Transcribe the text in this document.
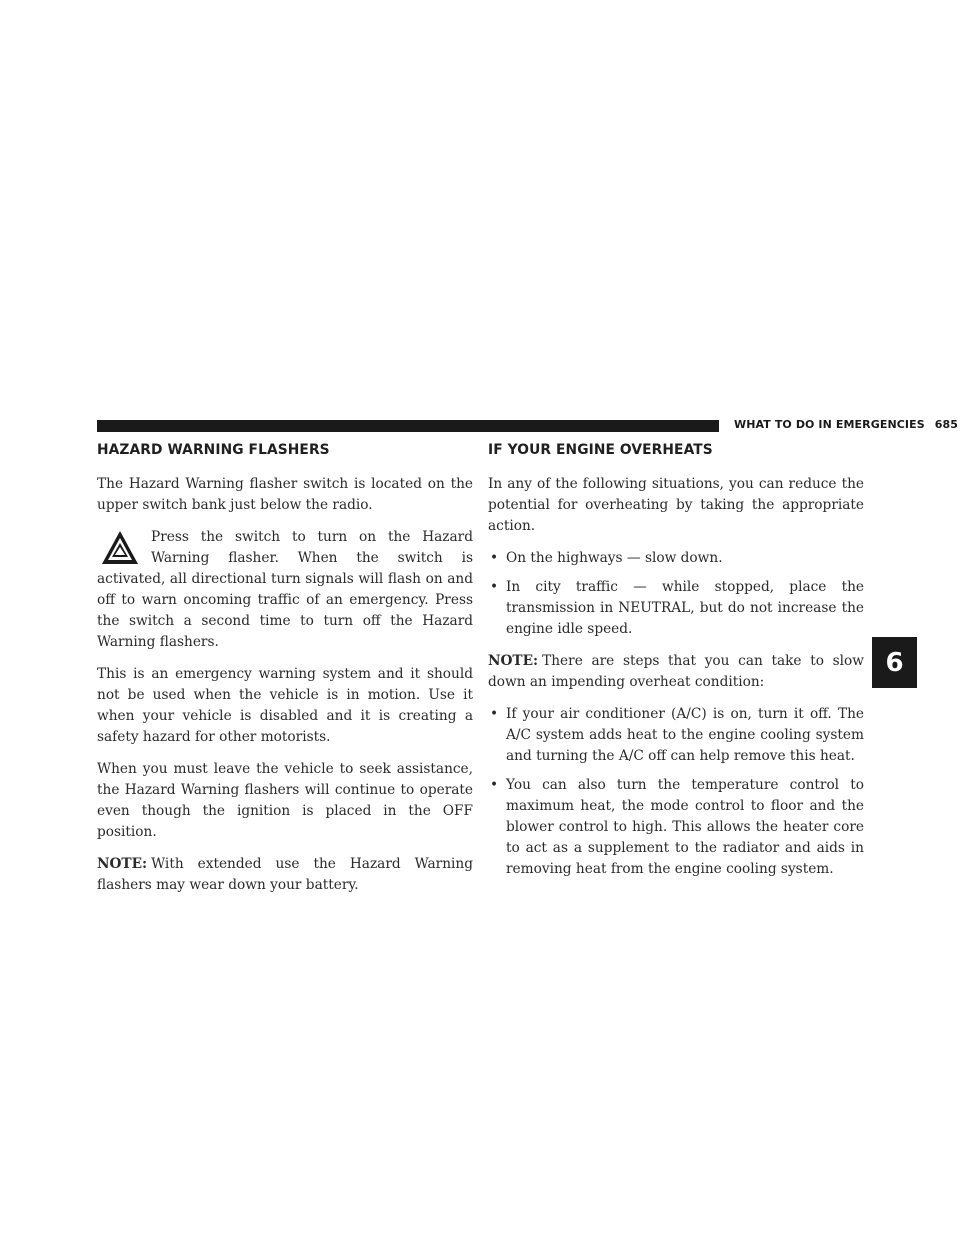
WHAT TO DO IN EMERGENCIES 685
6
HAZARD WARNING FLASHERS

The Hazard Warning flasher switch is located on the upper switch bank just below the radio.

Press the switch to turn on the Hazard Warning flasher. When the switch is activated, all directional turn signals will flash on and off to warn oncoming traffic of an emergency. Press the switch a second time to turn off the Hazard Warning flashers.

This is an emergency warning system and it should not be used when the vehicle is in motion. Use it when your vehicle is disabled and it is creating a safety hazard for other motorists.

When you must leave the vehicle to seek assistance, the Hazard Warning flashers will continue to operate even though the ignition is placed in the OFF position.

NOTE: With extended use the Hazard Warning flashers may wear down your battery.

IF YOUR ENGINE OVERHEATS

In any of the following situations, you can reduce the potential for overheating by taking the appropriate action.

• On the highways — slow down.
• In city traffic — while stopped, place the transmission in NEUTRAL, but do not increase the engine idle speed.

NOTE: There are steps that you can take to slow down an impending overheat condition:

• If your air conditioner (A/C) is on, turn it off. The A/C system adds heat to the engine cooling system and turning the A/C off can help remove this heat.
• You can also turn the temperature control to maximum heat, the mode control to floor and the blower control to high. This allows the heater core to act as a supplement to the radiator and aids in removing heat from the engine cooling system.
